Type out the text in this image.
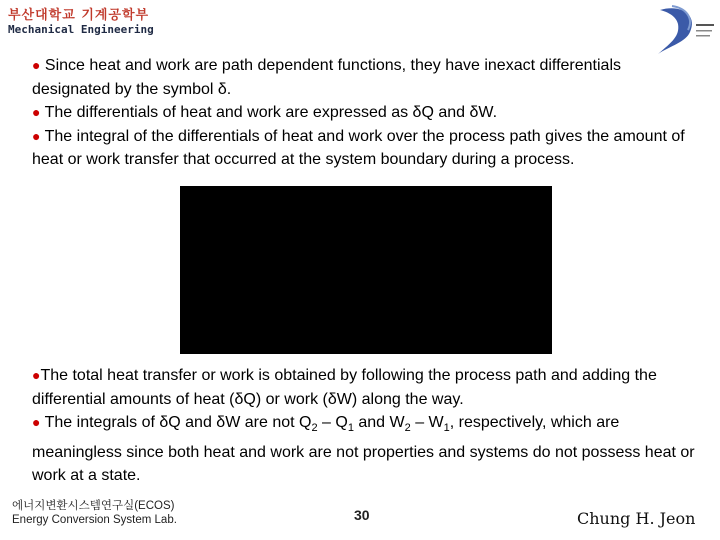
부산대학교 기계공학부
Mechanical Engineering
● Since heat and work are path dependent functions, they have inexact differentials designated by the symbol δ.
● The differentials of heat and work are expressed as δQ and δW.
● The integral of the differentials of heat and work over the process path gives the amount of heat or work transfer that occurred at the system boundary during a process.
●The total heat transfer or work is obtained by following the process path and adding the differential amounts of heat (δQ) or work (δW) along the way.
● The integrals of δQ and δW are not $Q_2 - Q_1$ and $W_2 - W_1$, respectively, which are meaningless since both heat and work are not properties and systems do not possess heat or work at a state.
에너지변환시스템연구실(ECOS)
Energy Conversion System Lab.	30	Chung H. Jeon
